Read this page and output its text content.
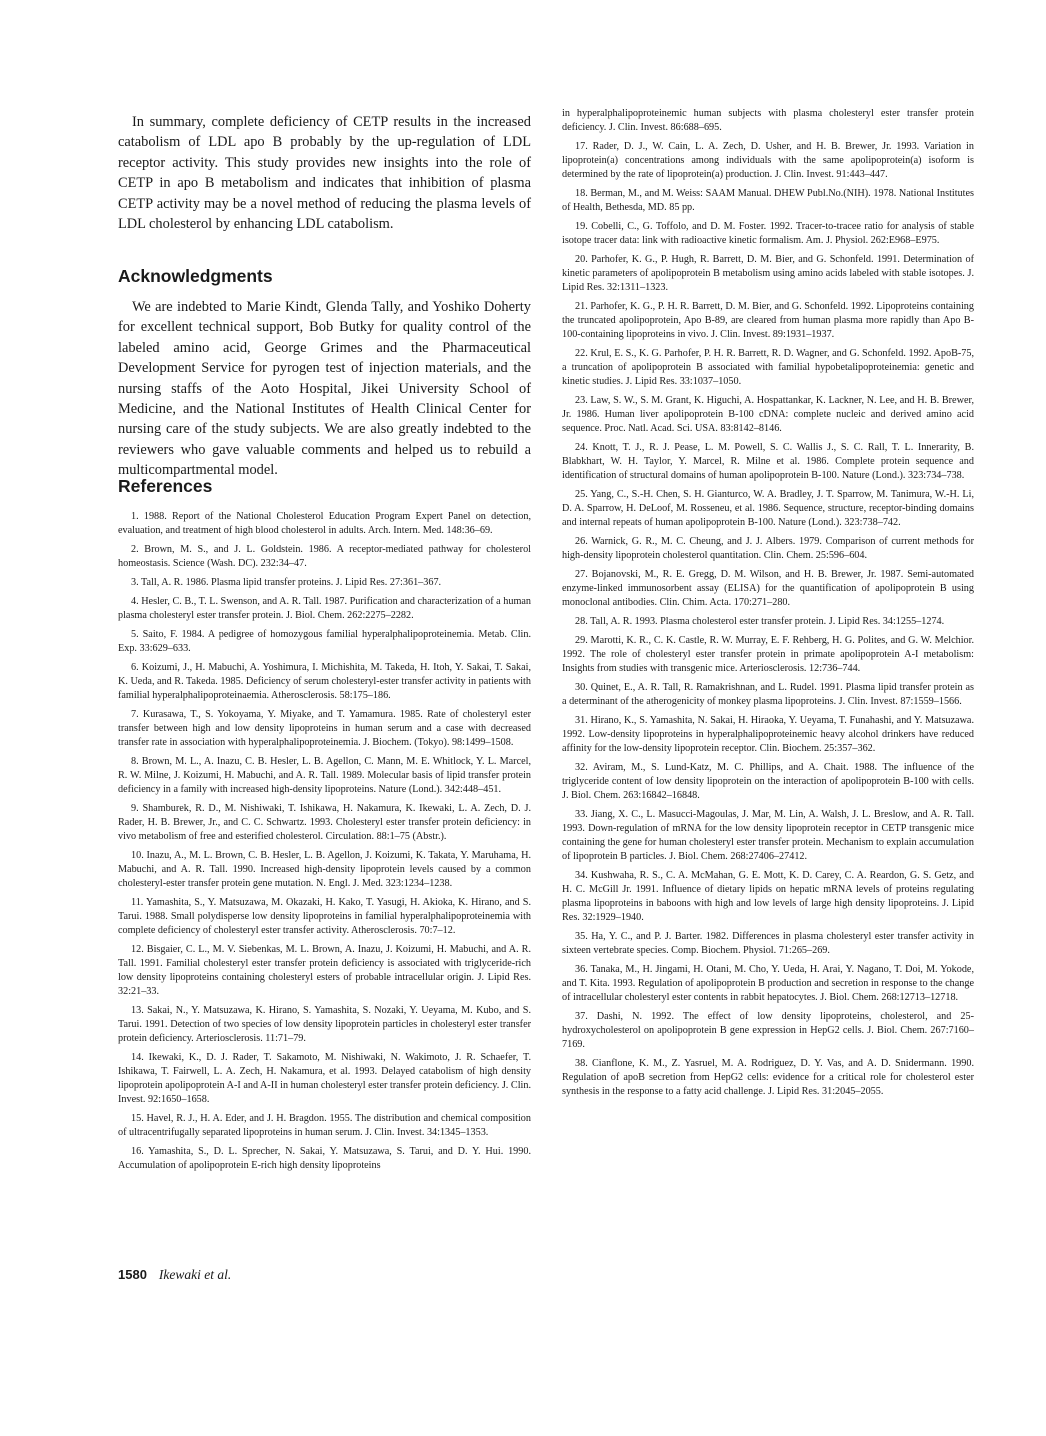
In summary, complete deficiency of CETP results in the increased catabolism of LDL apo B probably by the up-regulation of LDL receptor activity. This study provides new insights into the role of CETP in apo B metabolism and indicates that inhibition of plasma CETP activity may be a novel method of reducing the plasma levels of LDL cholesterol by enhancing LDL catabolism.

Acknowledgments

We are indebted to Marie Kindt, Glenda Tally, and Yoshiko Doherty for excellent technical support, Bob Butky for quality control of the labeled amino acid, George Grimes and the Pharmaceutical Development Service for pyrogen test of injection materials, and the nursing staffs of the Aoto Hospital, Jikei University School of Medicine, and the National Institutes of Health Clinical Center for nursing care of the study subjects. We are also greatly indebted to the reviewers who gave valuable comments and helped us to rebuild a multicompartmental model.

References
1. 1988. Report of the National Cholesterol Education Program Expert Panel on detection, evaluation, and treatment of high blood cholesterol in adults. Arch. Intern. Med. 148:36–69.
2. Brown, M. S., and J. L. Goldstein. 1986. A receptor-mediated pathway for cholesterol homeostasis. Science (Wash. DC). 232:34–47.
3. Tall, A. R. 1986. Plasma lipid transfer proteins. J. Lipid Res. 27:361–367.
4. Hesler, C. B., T. L. Swenson, and A. R. Tall. 1987. Purification and characterization of a human plasma cholesteryl ester transfer protein. J. Biol. Chem. 262:2275–2282.
5. Saito, F. 1984. A pedigree of homozygous familial hyperalphalipoproteinemia. Metab. Clin. Exp. 33:629–633.
6. Koizumi, J., H. Mabuchi, A. Yoshimura, I. Michishita, M. Takeda, H. Itoh, Y. Sakai, T. Sakai, K. Ueda, and R. Takeda. 1985. Deficiency of serum cholesteryl-ester transfer activity in patients with familial hyperalphalipoproteinaemia. Atherosclerosis. 58:175–186.
7. Kurasawa, T., S. Yokoyama, Y. Miyake, and T. Yamamura. 1985. Rate of cholesteryl ester transfer between high and low density lipoproteins in human serum and a case with decreased transfer rate in association with hyperalphalipoproteinemia. J. Biochem. (Tokyo). 98:1499–1508.
8. Brown, M. L., A. Inazu, C. B. Hesler, L. B. Agellon, C. Mann, M. E. Whitlock, Y. L. Marcel, R. W. Milne, J. Koizumi, H. Mabuchi, and A. R. Tall. 1989. Molecular basis of lipid transfer protein deficiency in a family with increased high-density lipoproteins. Nature (Lond.). 342:448–451.
9. Shamburek, R. D., M. Nishiwaki, T. Ishikawa, H. Nakamura, K. Ikewaki, L. A. Zech, D. J. Rader, H. B. Brewer, Jr., and C. C. Schwartz. 1993. Cholesteryl ester transfer protein deficiency: in vivo metabolism of free and esterified cholesterol. Circulation. 88:1–75 (Abstr.).
10. Inazu, A., M. L. Brown, C. B. Hesler, L. B. Agellon, J. Koizumi, K. Takata, Y. Maruhama, H. Mabuchi, and A. R. Tall. 1990. Increased high-density lipoprotein levels caused by a common cholesteryl-ester transfer protein gene mutation. N. Engl. J. Med. 323:1234–1238.
11. Yamashita, S., Y. Matsuzawa, M. Okazaki, H. Kako, T. Yasugi, H. Akioka, K. Hirano, and S. Tarui. 1988. Small polydisperse low density lipoproteins in familial hyperalphalipoproteinemia with complete deficiency of cholesteryl ester transfer activity. Atherosclerosis. 70:7–12.
12. Bisgaier, C. L., M. V. Siebenkas, M. L. Brown, A. Inazu, J. Koizumi, H. Mabuchi, and A. R. Tall. 1991. Familial cholesteryl ester transfer protein deficiency is associated with triglyceride-rich low density lipoproteins containing cholesteryl esters of probable intracellular origin. J. Lipid Res. 32:21–33.
13. Sakai, N., Y. Matsuzawa, K. Hirano, S. Yamashita, S. Nozaki, Y. Ueyama, M. Kubo, and S. Tarui. 1991. Detection of two species of low density lipoprotein particles in cholesteryl ester transfer protein deficiency. Arteriosclerosis. 11:71–79.
14. Ikewaki, K., D. J. Rader, T. Sakamoto, M. Nishiwaki, N. Wakimoto, J. R. Schaefer, T. Ishikawa, T. Fairwell, L. A. Zech, H. Nakamura, et al. 1993. Delayed catabolism of high density lipoprotein apolipoprotein A-I and A-II in human cholesteryl ester transfer protein deficiency. J. Clin. Invest. 92:1650–1658.
15. Havel, R. J., H. A. Eder, and J. H. Bragdon. 1955. The distribution and chemical composition of ultracentrifugally separated lipoproteins in human serum. J. Clin. Invest. 34:1345–1353.
16. Yamashita, S., D. L. Sprecher, N. Sakai, Y. Matsuzawa, S. Tarui, and D. Y. Hui. 1990. Accumulation of apolipoprotein E-rich high density lipoproteins
in hyperalphalipoproteinemic human subjects with plasma cholesteryl ester transfer protein deficiency. J. Clin. Invest. 86:688–695.
17. Rader, D. J., W. Cain, L. A. Zech, D. Usher, and H. B. Brewer, Jr. 1993. Variation in lipoprotein(a) concentrations among individuals with the same apolipoprotein(a) isoform is determined by the rate of lipoprotein(a) production. J. Clin. Invest. 91:443–447.
18. Berman, M., and M. Weiss: SAAM Manual. DHEW Publ.No.(NIH). 1978. National Institutes of Health, Bethesda, MD. 85 pp.
19. Cobelli, C., G. Toffolo, and D. M. Foster. 1992. Tracer-to-tracee ratio for analysis of stable isotope tracer data: link with radioactive kinetic formalism. Am. J. Physiol. 262:E968–E975.
20. Parhofer, K. G., P. Hugh, R. Barrett, D. M. Bier, and G. Schonfeld. 1991. Determination of kinetic parameters of apolipoprotein B metabolism using amino acids labeled with stable isotopes. J. Lipid Res. 32:1311–1323.
21. Parhofer, K. G., P. H. R. Barrett, D. M. Bier, and G. Schonfeld. 1992. Lipoproteins containing the truncated apolipoprotein, Apo B-89, are cleared from human plasma more rapidly than Apo B-100-containing lipoproteins in vivo. J. Clin. Invest. 89:1931–1937.
22. Krul, E. S., K. G. Parhofer, P. H. R. Barrett, R. D. Wagner, and G. Schonfeld. 1992. ApoB-75, a truncation of apolipoprotein B associated with familial hypobetalipoproteinemia: genetic and kinetic studies. J. Lipid Res. 33:1037–1050.
23. Law, S. W., S. M. Grant, K. Higuchi, A. Hospattankar, K. Lackner, N. Lee, and H. B. Brewer, Jr. 1986. Human liver apolipoprotein B-100 cDNA: complete nucleic and derived amino acid sequence. Proc. Natl. Acad. Sci. USA. 83:8142–8146.
24. Knott, T. J., R. J. Pease, L. M. Powell, S. C. Wallis J., S. C. Rall, T. L. Innerarity, B. Blabkhart, W. H. Taylor, Y. Marcel, R. Milne et al. 1986. Complete protein sequence and identification of structural domains of human apolipoprotein B-100. Nature (Lond.). 323:734–738.
25. Yang, C., S.-H. Chen, S. H. Gianturco, W. A. Bradley, J. T. Sparrow, M. Tanimura, W.-H. Li, D. A. Sparrow, H. DeLoof, M. Rosseneu, et al. 1986. Sequence, structure, receptor-binding domains and internal repeats of human apolipoprotein B-100. Nature (Lond.). 323:738–742.
26. Warnick, G. R., M. C. Cheung, and J. J. Albers. 1979. Comparison of current methods for high-density lipoprotein cholesterol quantitation. Clin. Chem. 25:596–604.
27. Bojanovski, M., R. E. Gregg, D. M. Wilson, and H. B. Brewer, Jr. 1987. Semi-automated enzyme-linked immunosorbent assay (ELISA) for the quantification of apolipoprotein B using monoclonal antibodies. Clin. Chim. Acta. 170:271–280.
28. Tall, A. R. 1993. Plasma cholesterol ester transfer protein. J. Lipid Res. 34:1255–1274.
29. Marotti, K. R., C. K. Castle, R. W. Murray, E. F. Rehberg, H. G. Polites, and G. W. Melchior. 1992. The role of cholesteryl ester transfer protein in primate apolipoprotein A-I metabolism: Insights from studies with transgenic mice. Arteriosclerosis. 12:736–744.
30. Quinet, E., A. R. Tall, R. Ramakrishnan, and L. Rudel. 1991. Plasma lipid transfer protein as a determinant of the atherogenicity of monkey plasma lipoproteins. J. Clin. Invest. 87:1559–1566.
31. Hirano, K., S. Yamashita, N. Sakai, H. Hiraoka, Y. Ueyama, T. Funahashi, and Y. Matsuzawa. 1992. Low-density lipoproteins in hyperalphalipoproteinemic heavy alcohol drinkers have reduced affinity for the low-density lipoprotein receptor. Clin. Biochem. 25:357–362.
32. Aviram, M., S. Lund-Katz, M. C. Phillips, and A. Chait. 1988. The influence of the triglyceride content of low density lipoprotein on the interaction of apolipoprotein B-100 with cells. J. Biol. Chem. 263:16842–16848.
33. Jiang, X. C., L. Masucci-Magoulas, J. Mar, M. Lin, A. Walsh, J. L. Breslow, and A. R. Tall. 1993. Down-regulation of mRNA for the low density lipoprotein receptor in CETP transgenic mice containing the gene for human cholesteryl ester transfer protein. Mechanism to explain accumulation of lipoprotein B particles. J. Biol. Chem. 268:27406–27412.
34. Kushwaha, R. S., C. A. McMahan, G. E. Mott, K. D. Carey, C. A. Reardon, G. S. Getz, and H. C. McGill Jr. 1991. Influence of dietary lipids on hepatic mRNA levels of proteins regulating plasma lipoproteins in baboons with high and low levels of large high density lipoproteins. J. Lipid Res. 32:1929–1940.
35. Ha, Y. C., and P. J. Barter. 1982. Differences in plasma cholesteryl ester transfer activity in sixteen vertebrate species. Comp. Biochem. Physiol. 71:265–269.
36. Tanaka, M., H. Jingami, H. Otani, M. Cho, Y. Ueda, H. Arai, Y. Nagano, T. Doi, M. Yokode, and T. Kita. 1993. Regulation of apolipoprotein B production and secretion in response to the change of intracellular cholesteryl ester contents in rabbit hepatocytes. J. Biol. Chem. 268:12713–12718.
37. Dashi, N. 1992. The effect of low density lipoproteins, cholesterol, and 25-hydroxycholesterol on apolipoprotein B gene expression in HepG2 cells. J. Biol. Chem. 267:7160–7169.
38. Cianflone, K. M., Z. Yasruel, M. A. Rodriguez, D. Y. Vas, and A. D. Snidermann. 1990. Regulation of apoB secretion from HepG2 cells: evidence for a critical role for cholesterol ester synthesis in the response to a fatty acid challenge. J. Lipid Res. 31:2045–2055.
1580 Ikewaki et al.
